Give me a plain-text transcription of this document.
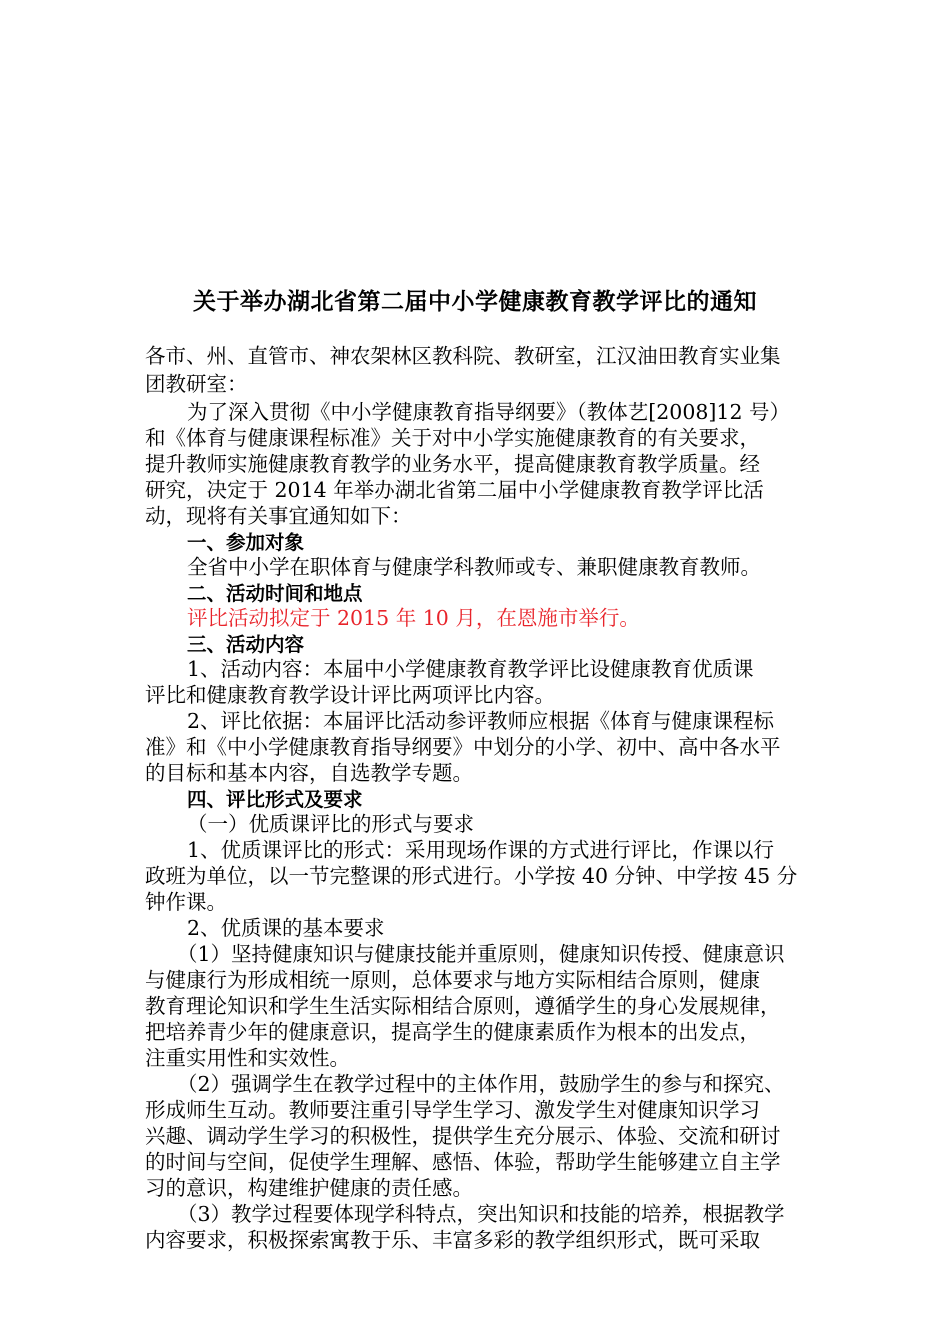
关于举办湖北省第二届中小学健康教育教学评比的通知
各市、州、直管市、神农架林区教科院、教研室，江汉油田教育实业集
团教研室：
为了深入贯彻《中小学健康教育指导纲要》（教体艺[2008]12 号）
和《体育与健康课程标准》关于对中小学实施健康教育的有关要求，
提升教师实施健康教育教学的业务水平，提高健康教育教学质量。经
研究，决定于 2014 年举办湖北省第二届中小学健康教育教学评比活
动，现将有关事宜通知如下：
一、参加对象
全省中小学在职体育与健康学科教师或专、兼职健康教育教师。
二、活动时间和地点
评比活动拟定于 2015 年 10 月，在恩施市举行。
三、活动内容
1、活动内容：本届中小学健康教育教学评比设健康教育优质课
评比和健康教育教学设计评比两项评比内容。
2、评比依据：本届评比活动参评教师应根据《体育与健康课程标
准》和《中小学健康教育指导纲要》中划分的小学、初中、高中各水平
的目标和基本内容，自选教学专题。
四、评比形式及要求
（一）优质课评比的形式与要求
1、优质课评比的形式：采用现场作课的方式进行评比，作课以行
政班为单位，以一节完整课的形式进行。小学按 40 分钟、中学按 45 分
钟作课。
2、优质课的基本要求
（1）坚持健康知识与健康技能并重原则，健康知识传授、健康意识
与健康行为形成相统一原则，总体要求与地方实际相结合原则，健康
教育理论知识和学生生活实际相结合原则，遵循学生的身心发展规律，
把培养青少年的健康意识，提高学生的健康素质作为根本的出发点，
注重实用性和实效性。
（2）强调学生在教学过程中的主体作用，鼓励学生的参与和探究、
形成师生互动。教师要注重引导学生学习、激发学生对健康知识学习
兴趣、调动学生学习的积极性，提供学生充分展示、体验、交流和研讨
的时间与空间，促使学生理解、感悟、体验，帮助学生能够建立自主学
习的意识，构建维护健康的责任感。
（3）教学过程要体现学科特点，突出知识和技能的培养，根据教学
内容要求，积极探索寓教于乐、丰富多彩的教学组织形式，既可采取
